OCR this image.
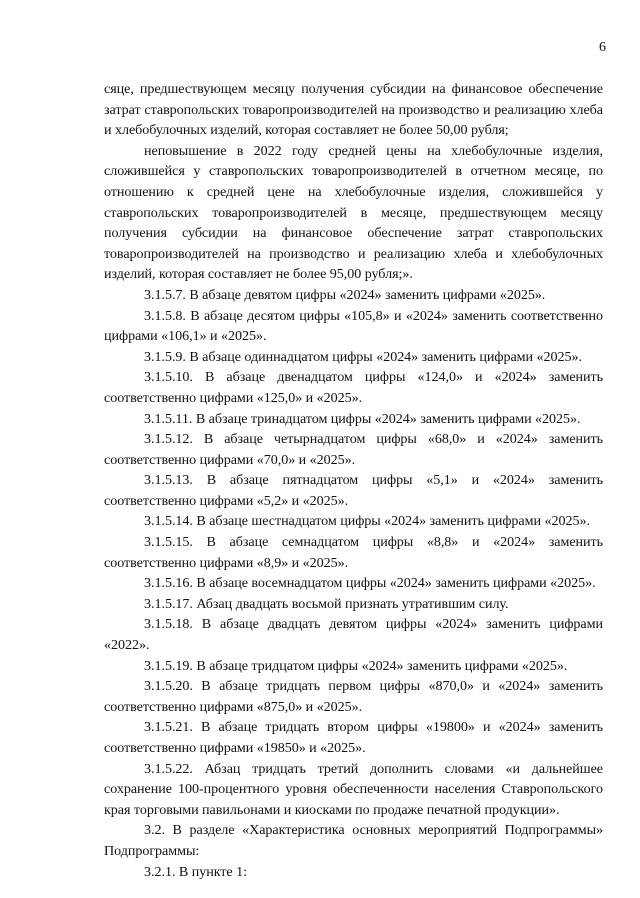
6

сяце, предшествующем месяцу получения субсидии на финансовое обеспечение затрат ставропольских товаропроизводителей на производство и реализацию хлеба и хлебобулочных изделий, которая составляет не более 50,00 рубля;

неповышение в 2022 году средней цены на хлебобулочные изделия, сложившейся у ставропольских товаропроизводителей в отчетном месяце, по отношению к средней цене на хлебобулочные изделия, сложившейся у ставропольских товаропроизводителей в месяце, предшествующем месяцу получения субсидии на финансовое обеспечение затрат ставропольских товаропроизводителей на производство и реализацию хлеба и хлебобулочных изделий, которая составляет не более 95,00 рубля;».

3.1.5.7. В абзаце девятом цифры «2024» заменить цифрами «2025».

3.1.5.8. В абзаце десятом цифры «105,8» и «2024» заменить соответственно цифрами «106,1» и «2025».

3.1.5.9. В абзаце одиннадцатом цифры «2024» заменить цифрами «2025».

3.1.5.10. В абзаце двенадцатом цифры «124,0» и «2024» заменить соответственно цифрами «125,0» и «2025».

3.1.5.11. В абзаце тринадцатом цифры «2024» заменить цифрами «2025».

3.1.5.12. В абзаце четырнадцатом цифры «68,0» и «2024» заменить соответственно цифрами «70,0» и «2025».

3.1.5.13. В абзаце пятнадцатом цифры «5,1» и «2024» заменить соответственно цифрами «5,2» и «2025».

3.1.5.14. В абзаце шестнадцатом цифры «2024» заменить цифрами «2025».

3.1.5.15. В абзаце семнадцатом цифры «8,8» и «2024» заменить соответственно цифрами «8,9» и «2025».

3.1.5.16. В абзаце восемнадцатом цифры «2024» заменить цифрами «2025».

3.1.5.17. Абзац двадцать восьмой признать утратившим силу.

3.1.5.18. В абзаце двадцать девятом цифры «2024» заменить цифрами «2022».

3.1.5.19. В абзаце тридцатом цифры «2024» заменить цифрами «2025».

3.1.5.20. В абзаце тридцать первом цифры «870,0» и «2024» заменить соответственно цифрами «875,0» и «2025».

3.1.5.21. В абзаце тридцать втором цифры «19800» и «2024» заменить соответственно цифрами «19850» и «2025».

3.1.5.22. Абзац тридцать третий дополнить словами «и дальнейшее сохранение 100-процентного уровня обеспеченности населения Ставропольского края торговыми павильонами и киосками по продаже печатной продукции».

3.2. В разделе «Характеристика основных мероприятий Подпрограммы» Подпрограммы:

3.2.1. В пункте 1:
